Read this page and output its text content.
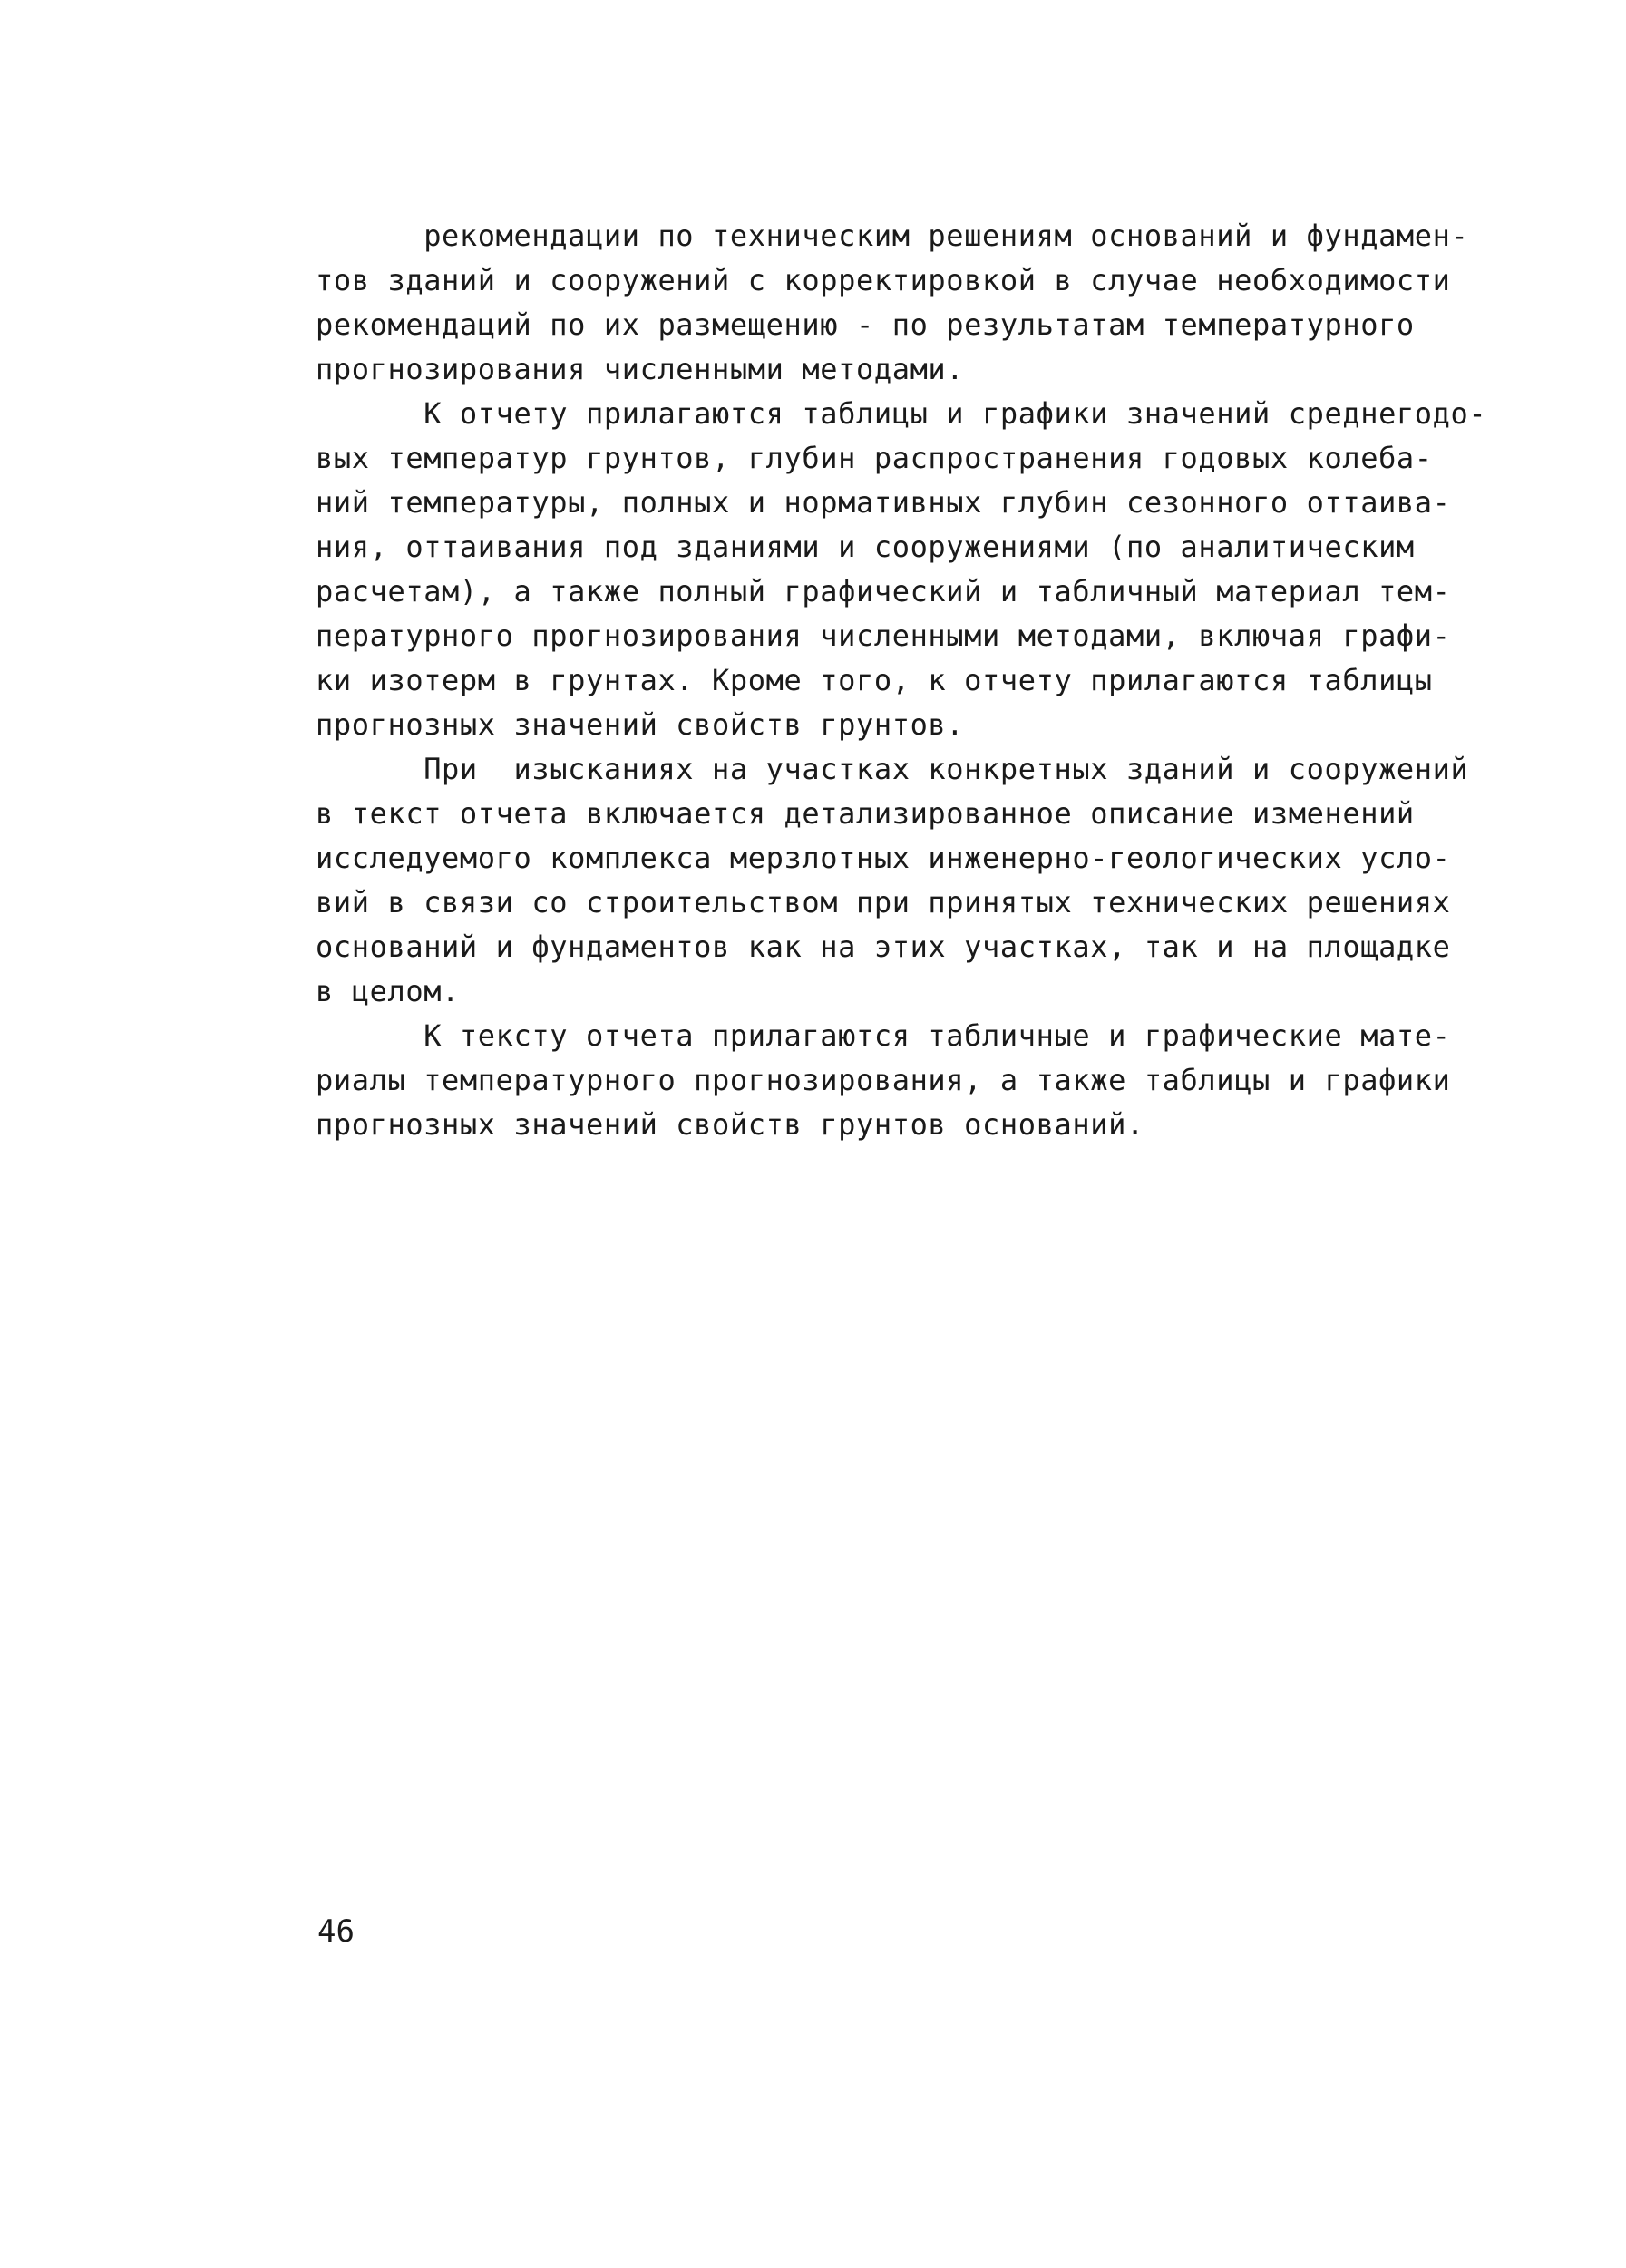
рекомендации по техническим решениям оснований и фундамен-
тов зданий и сооружений с корректировкой в случае необходимости
рекомендаций по их размещению - по результатам температурного
прогнозирования численными методами.
К отчету прилагаются таблицы и графики значений среднегодо-
вых температур грунтов, глубин распространения годовых колеба-
ний температуры, полных и нормативных глубин сезонного оттаива-
ния, оттаивания под зданиями и сооружениями (по аналитическим
расчетам), а также полный графический и табличный материал тем-
пературного прогнозирования численными методами, включая графи-
ки изотерм в грунтах. Кроме того, к отчету прилагаются таблицы
прогнозных значений свойств грунтов.
При  изысканиях на участках конкретных зданий и сооружений
в текст отчета включается детализированное описание изменений
исследуемого комплекса мерзлотных инженерно-геологических усло-
вий в связи со строительством при принятых технических решениях
оснований и фундаментов как на этих участках, так и на площадке
в целом.
К тексту отчета прилагаются табличные и графические мате-
риалы температурного прогнозирования, а также таблицы и графики
прогнозных значений свойств грунтов оснований.
46
